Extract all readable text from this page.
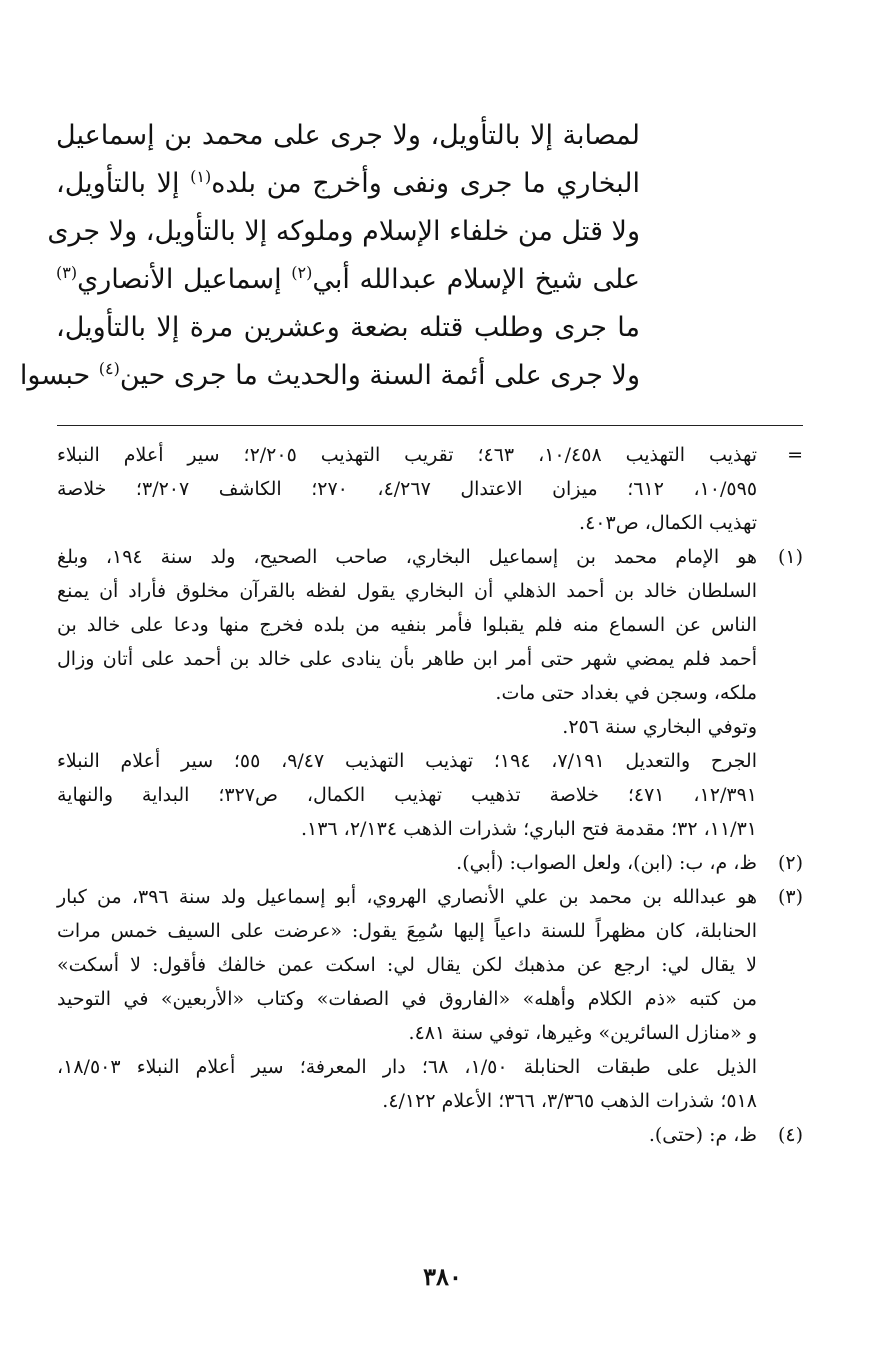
لمصابة إلا بالتأويل، ولا جرى على محمد بن إسماعيل
البخاري ما جرى ونفى وأخرج من بلده$^{(١)}$ إلا بالتأويل،
ولا قتل من خلفاء الإسلام وملوكه إلا بالتأويل، ولا جرى
على شيخ الإسلام عبدالله أبي$^{(٢)}$ إسماعيل الأنصاري$^{(٣)}$
ما جرى وطلب قتله بضعة وعشرين مرة إلا بالتأويل،
ولا جرى على أئمة السنة والحديث ما جرى حين$^{(٤)}$ حبسوا
=
تهذيب التهذيب ١٠/٤٥٨، ٤٦٣؛ تقريب التهذيب ٢/٢٠٥؛ سير أعلام النبلاء
١٠/٥٩٥، ٦١٢؛ ميزان الاعتدال ٤/٢٦٧، ٢٧٠؛ الكاشف ٣/٢٠٧؛ خلاصة
تهذيب الكمال، ص٤٠٣.
(١)
هو الإمام محمد بن إسماعيل البخاري، صاحب الصحيح، ولد سنة ١٩٤، وبلغ
السلطان خالد بن أحمد الذهلي أن البخاري يقول لفظه بالقرآن مخلوق فأراد أن يمنع
الناس عن السماع منه فلم يقبلوا فأمر بنفيه من بلده فخرج منها ودعا على خالد بن
أحمد فلم يمضي شهر حتى أمر ابن طاهر بأن ينادى على خالد بن أحمد على أتان وزال
ملكه، وسجن في بغداد حتى مات.
وتوفي البخاري سنة ٢٥٦.
الجرح والتعديل ٧/١٩١، ١٩٤؛ تهذيب التهذيب ٩/٤٧، ٥٥؛ سير أعلام النبلاء
١٢/٣٩١، ٤٧١؛ خلاصة تذهيب تهذيب الكمال، ص٣٢٧؛ البداية والنهاية
١١/٣١، ٣٢؛ مقدمة فتح الباري؛ شذرات الذهب ٢/١٣٤، ١٣٦.
(٢)
ظ، م، ب: (ابن)، ولعل الصواب: (أبي).
(٣)
هو عبدالله بن محمد بن علي الأنصاري الهروي، أبو إسماعيل ولد سنة ٣٩٦، من كبار
الحنابلة، كان مظهراً للسنة داعياً إليها سُمِعَ يقول: «عرضت على السيف خمس مرات
لا يقال لي: ارجع عن مذهبك لكن يقال لي: اسكت عمن خالفك فأقول: لا أسكت»
من كتبه «ذم الكلام وأهله» «الفاروق في الصفات» وكتاب «الأربعين» في التوحيد
و «منازل السائرين» وغيرها، توفي سنة ٤٨١.
الذيل على طبقات الحنابلة ١/٥٠، ٦٨؛ دار المعرفة؛ سير أعلام النبلاء ١٨/٥٠٣،
٥١٨؛ شذرات الذهب ٣/٣٦٥، ٣٦٦؛ الأعلام ٤/١٢٢.
(٤)
ظ، م: (حتى).
٣٨٠
